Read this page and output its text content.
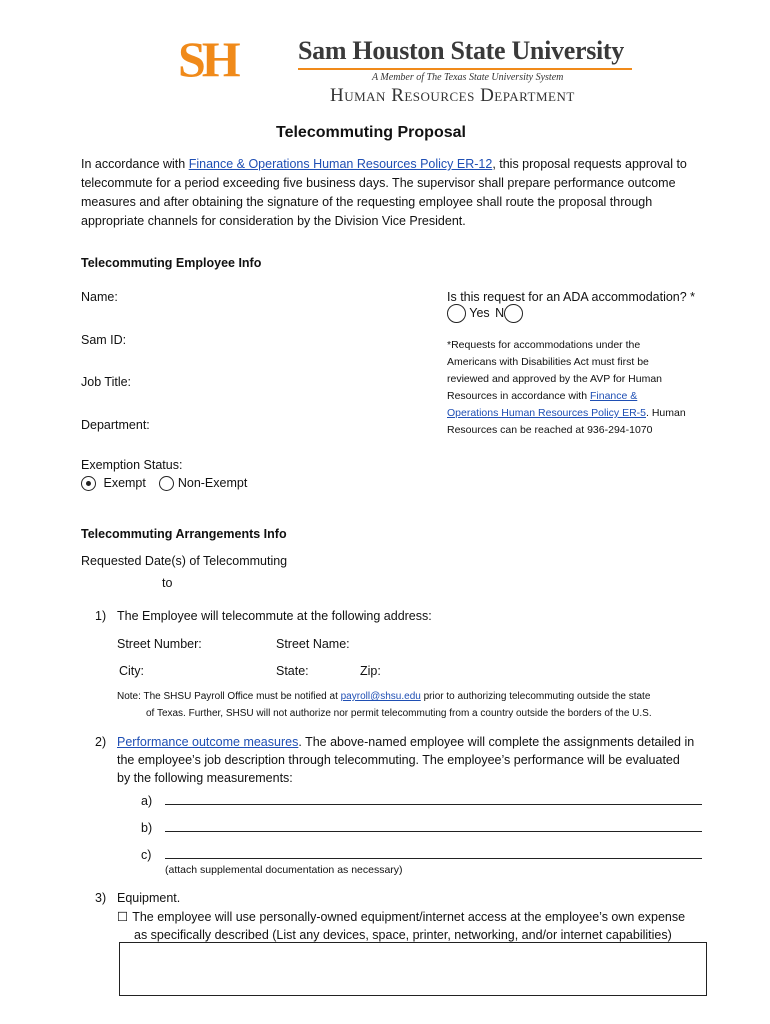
SH Sam Houston State University
A Member of The Texas State University System
Human Resources Department
Telecommuting Proposal
In accordance with Finance & Operations Human Resources Policy ER-12, this proposal requests approval to
telecommute for a period exceeding five business days. The supervisor shall prepare performance outcome
measures and after obtaining the signature of the requesting employee shall route the proposal through
appropriate channels for consideration by the Division Vice President.
Telecommuting Employee Info
Name:
Sam ID:
Job Title:
Department:
Is this request for an ADA accommodation? *
Yes N
*Requests for accommodations under the
Americans with Disabilities Act must first be
reviewed and approved by the AVP for Human
Resources in accordance with Finance &
Operations Human Resources Policy ER-5. Human
Resources can be reached at 936-294-1070
Exemption Status:
Exempt	Non-Exempt
Telecommuting Arrangements Info
Requested Date(s) of Telecommuting
to
1) The Employee will telecommute at the following address:
Street Number:	Street Name:
City:	State:	Zip:
Note: The SHSU Payroll Office must be notified at payroll@shsu.edu prior to authorizing telecommuting outside the state
of Texas. Further, SHSU will not authorize nor permit telecommuting from a country outside the borders of the U.S.
2) Performance outcome measures. The above-named employee will complete the assignments detailed in
the employee’s job description through telecommuting. The employee’s performance will be evaluated
by the following measurements:
a)
b)
c)
(attach supplemental documentation as necessary)
3) Equipment.
☐ The employee will use personally-owned equipment/internet access at the employee’s own expense
as specifically described (List any devices, space, printer, networking, and/or internet capabilities)
